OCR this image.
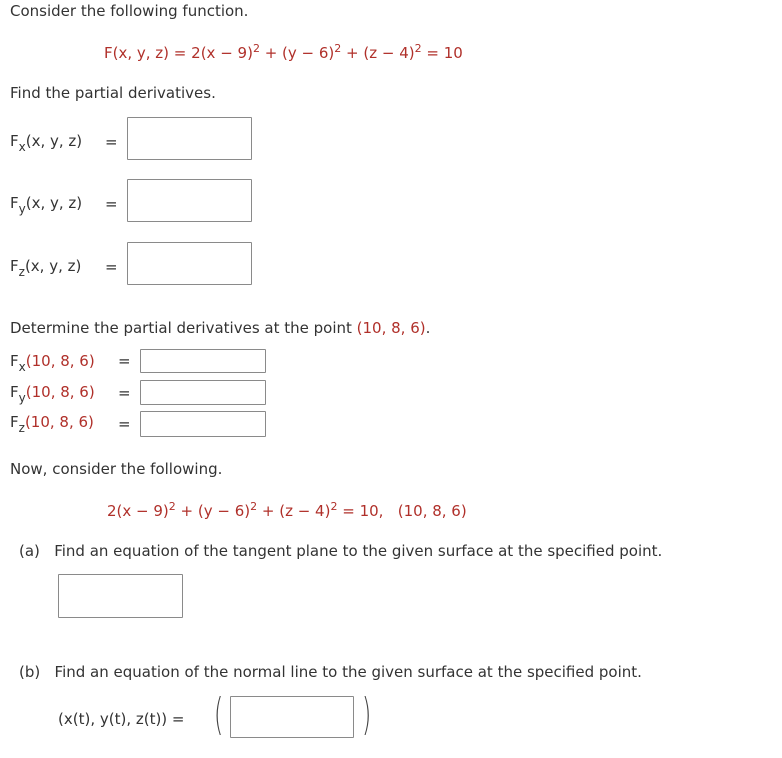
Consider the following function.
F(x, y, $z) = 2(x - 9)^2 + (y - 6)^2 + (z - 4)^2 = 10$
Find the partial derivatives.
$F_x(x$, y, z) =
$F_y(x$, y, z) =
$F_z(x$, y, z) =
Determine the partial derivatives at the point (10, 8, 6).
$F_x(10$, 8, 6) =
$F_y(10$, 8, 6) =
$F_z(10$, 8, 6) =
Now, consider the following.
$2(x - 9)^2 + (y - 6)^2 + (z - 4)^2 = 10$, (10, 8, 6)
(a) Find an equation of the tangent plane to the given surface at the specified point.
(b) Find an equation of the normal line to the given surface at the specified point.
(x(t), y(t), z(t)) = (	)
